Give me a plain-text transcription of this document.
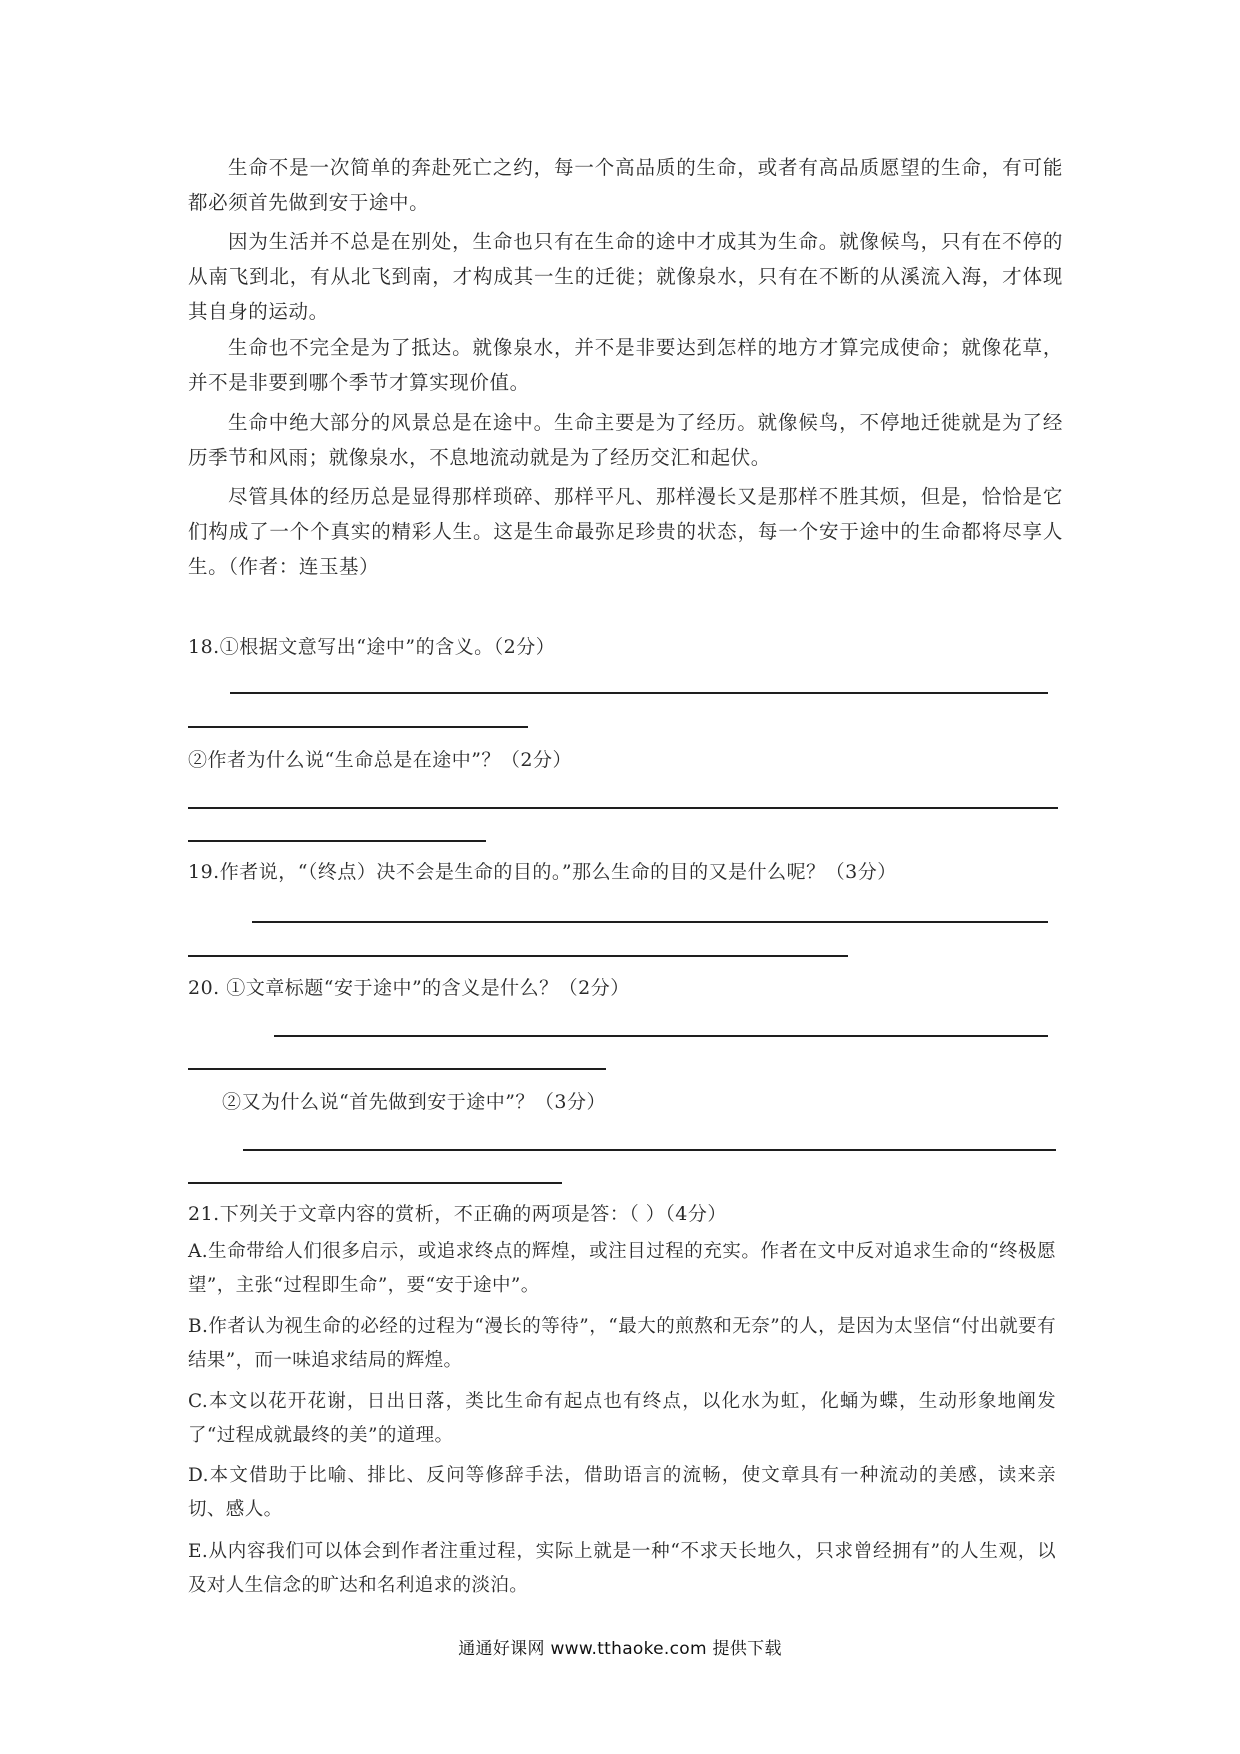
生命不是一次简单的奔赴死亡之约，每一个高品质的生命，或者有高品质愿望的生命，有可能都必须首先做到安于途中。
因为生活并不总是在别处，生命也只有在生命的途中才成其为生命。就像候鸟，只有在不停的从南飞到北，有从北飞到南，才构成其一生的迁徙；就像泉水，只有在不断的从溪流入海，才体现其自身的运动。
生命也不完全是为了抵达。就像泉水，并不是非要达到怎样的地方才算完成使命；就像花草，并不是非要到哪个季节才算实现价值。
生命中绝大部分的风景总是在途中。生命主要是为了经历。就像候鸟，不停地迁徙就是为了经历季节和风雨；就像泉水，不息地流动就是为了经历交汇和起伏。
尽管具体的经历总是显得那样琐碎、那样平凡、那样漫长又是那样不胜其烦，但是，恰恰是它们构成了一个个真实的精彩人生。这是生命最弥足珍贵的状态，每一个安于途中的生命都将尽享人生。（作者：连玉基）
18.①根据文意写出“途中”的含义。（2分）
②作者为什么说“生命总是在途中”？（2分）
19.作者说，“（终点）决不会是生命的目的。”那么生命的目的又是什么呢？（3分）
20. ①文章标题“安于途中”的含义是什么？（2分）
②又为什么说“首先做到安于途中”？（3分）
21.下列关于文章内容的赏析，不正确的两项是答：（ ）（4分）
A.生命带给人们很多启示，或追求终点的辉煌，或注目过程的充实。作者在文中反对追求生命的“终极愿望”，主张“过程即生命”，要“安于途中”。
B.作者认为视生命的必经的过程为“漫长的等待”，“最大的煎熬和无奈”的人，是因为太坚信“付出就要有结果”，而一味追求结局的辉煌。
C.本文以花开花谢，日出日落，类比生命有起点也有终点，以化水为虹，化蛹为蝶，生动形象地阐发了“过程成就最终的美”的道理。
D.本文借助于比喻、排比、反问等修辞手法，借助语言的流畅，使文章具有一种流动的美感，读来亲切、感人。
E.从内容我们可以体会到作者注重过程，实际上就是一种“不求天长地久，只求曾经拥有”的人生观，以及对人生信念的旷达和名利追求的淡泊。
通通好课网 www.tthaoke.com 提供下载
